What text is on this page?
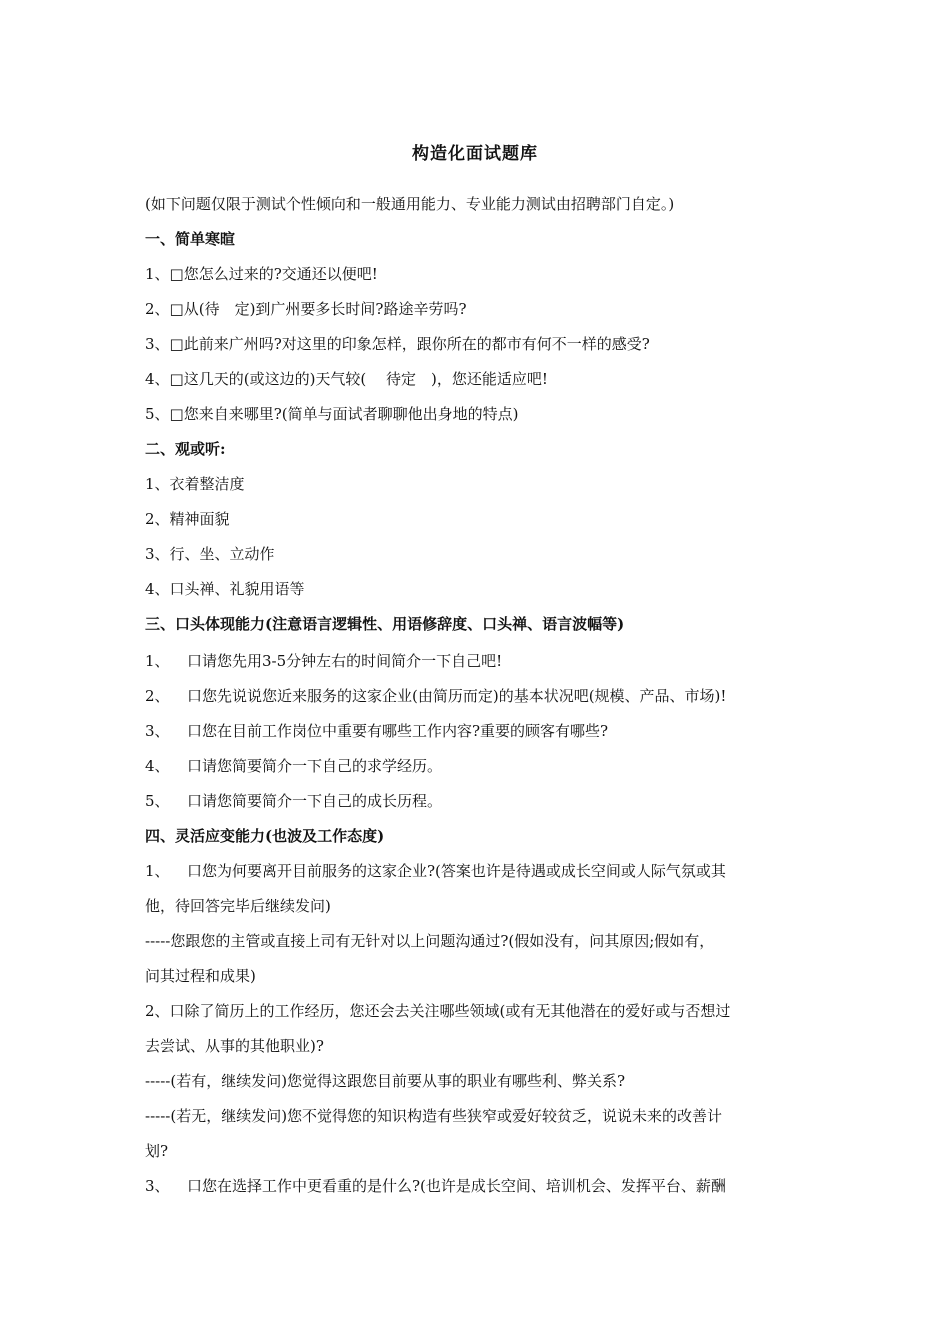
构造化面试题库
(如下问题仅限于测试个性倾向和一般通用能力、专业能力测试由招聘部门自定。)
一、简单寒暄
1、□您怎么过来的?交通还以便吧!
2、□从(待　定)到广州要多长时间?路途辛劳吗?
3、□此前来广州吗?对这里的印象怎样，跟你所在的都市有何不一样的感受?
4、□这几天的(或这边的)天气较(　 待定　)，您还能适应吧!
5、□您来自来哪里?(简单与面试者聊聊他出身地的特点)
二、观或听:
1、衣着整洁度
2、精神面貌
3、行、坐、立动作
4、口头禅、礼貌用语等
三、口头体现能力(注意语言逻辑性、用语修辞度、口头禅、语言波幅等)
1、 口请您先用3-5分钟左右的时间简介一下自己吧!
2、 口您先说说您近来服务的这家企业(由简历而定)的基本状况吧(规模、产品、市场)!
3、 口您在目前工作岗位中重要有哪些工作内容?重要的顾客有哪些?
4、 口请您简要简介一下自己的求学经历。
5、 口请您简要简介一下自己的成长历程。
四、灵活应变能力(也波及工作态度)
1、 口您为何要离开目前服务的这家企业?(答案也许是待遇或成长空间或人际气氛或其
他，待回答完毕后继续发问)
-----您跟您的主管或直接上司有无针对以上问题沟通过?(假如没有，问其原因;假如有，
问其过程和成果)
2、口除了简历上的工作经历，您还会去关注哪些领域(或有无其他潜在的爱好或与否想过
去尝试、从事的其他职业)?
-----(若有，继续发问)您觉得这跟您目前要从事的职业有哪些利、弊关系?
-----(若无，继续发问)您不觉得您的知识构造有些狭窄或爱好较贫乏，说说未来的改善计
划?
3、 口您在选择工作中更看重的是什么?(也许是成长空间、培训机会、发挥平台、薪酬
